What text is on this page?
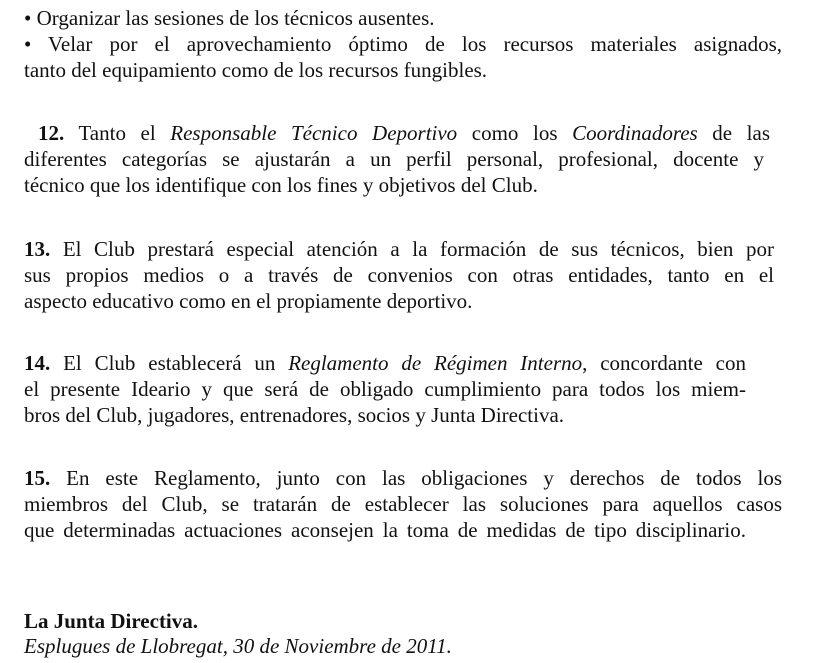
• Organizar las sesiones de los técnicos ausentes.
• Velar por el aprovechamiento óptimo de los recursos materiales asignados,
tanto del equipamiento como de los recursos fungibles.
12. Tanto el Responsable Técnico Deportivo como los Coordinadores de las
diferentes categorías se ajustarán a un perfil personal, profesional, docente y
técnico que los identifique con los fines y objetivos del Club.
13. El Club prestará especial atención a la formación de sus técnicos, bien por
sus propios medios o a través de convenios con otras entidades, tanto en el
aspecto educativo como en el propiamente deportivo.
14. El Club establecerá un Reglamento de Régimen Interno, concordante con
el presente Ideario y que será de obligado cumplimiento para todos los miem-
bros del Club, jugadores, entrenadores, socios y Junta Directiva.
15. En este Reglamento, junto con las obligaciones y derechos de todos los
miembros del Club, se tratarán de establecer las soluciones para aquellos casos
que determinadas actuaciones aconsejen la toma de medidas de tipo disciplinario.
La Junta Directiva.
Esplugues de Llobregat, 30 de Noviembre de 2011.
